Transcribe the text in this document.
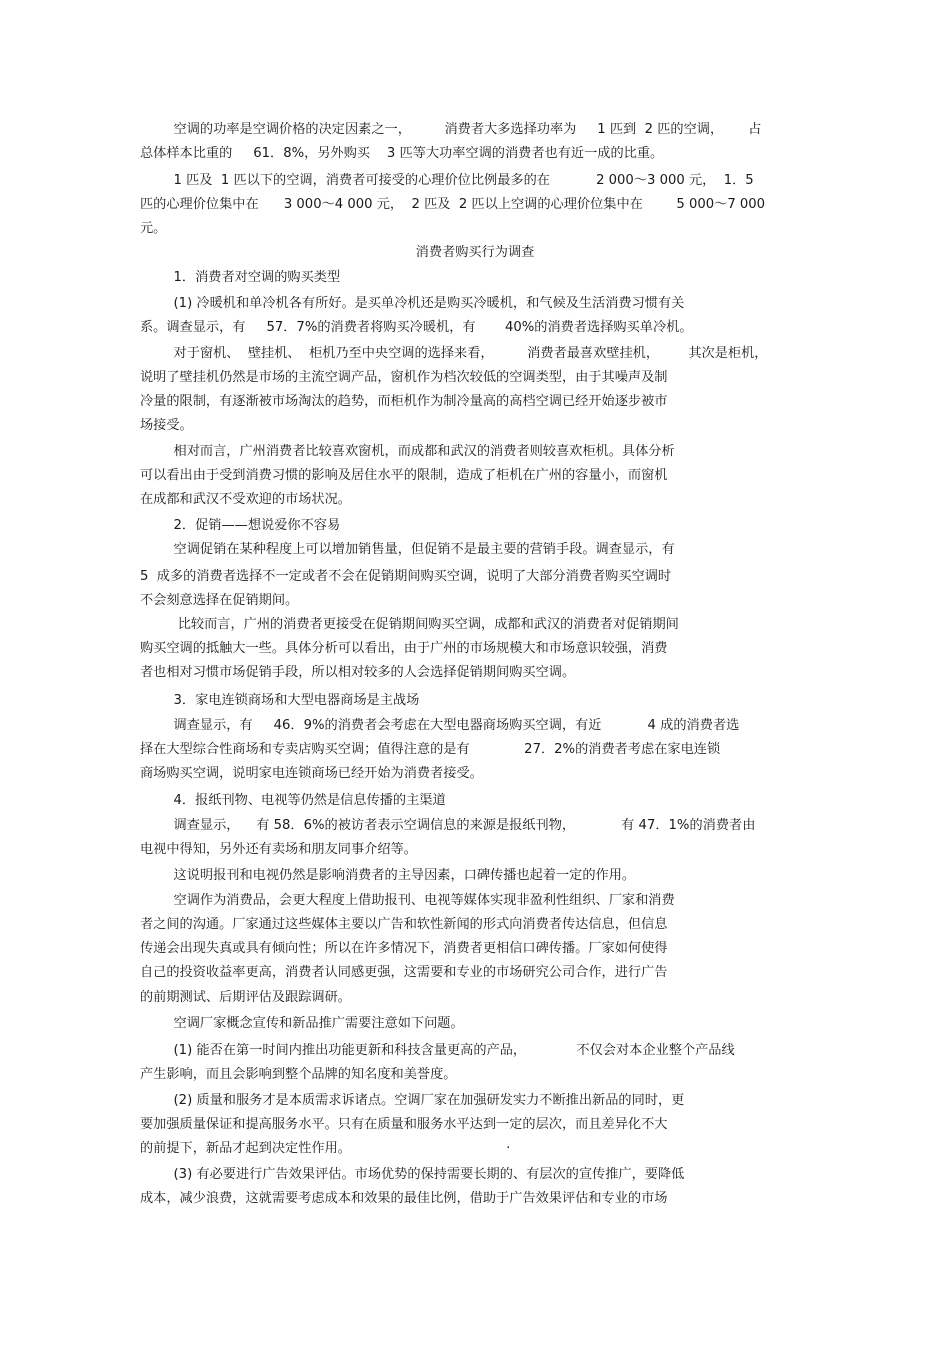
空调的功率是空调价格的决定因素之一，        消费者大多选择功率为     1 匹到  2 匹的空调，      占
总体样本比重的     61．8%，另外购买    3 匹等大功率空调的消费者也有近一成的比重。
1 匹及  1 匹以下的空调，消费者可接受的心理价位比例最多的在           2 000～3 000 元，  1．5
匹的心理价位集中在      3 000～4 000 元，  2 匹及  2 匹以上空调的心理价位集中在        5 000～7 000
元。
消费者购买行为调查
1．消费者对空调的购买类型
(1) 冷暖机和单冷机各有所好。是买单冷机还是购买冷暖机，和气候及生活消费习惯有关
系。调查显示，有     57．7%的消费者将购买冷暖机，有       40%的消费者选择购买单冷机。
对于窗机、  壁挂机、  柜机乃至中央空调的选择来看，        消费者最喜欢壁挂机，       其次是柜机，
说明了壁挂机仍然是市场的主流空调产品，窗机作为档次较低的空调类型，由于其噪声及制
冷量的限制，有逐渐被市场淘汰的趋势，而柜机作为制冷量高的高档空调已经开始逐步被市
场接受。
相对而言，广州消费者比较喜欢窗机，而成都和武汉的消费者则较喜欢柜机。具体分析
可以看出由于受到消费习惯的影响及居住水平的限制，造成了柜机在广州的容量小，而窗机
在成都和武汉不受欢迎的市场状况。
2．促销——想说爱你不容易
空调促销在某种程度上可以增加销售量，但促销不是最主要的营销手段。调查显示，有
5  成多的消费者选择不一定或者不会在促销期间购买空调，说明了大部分消费者购买空调时
不会刻意选择在促销期间。
比较而言，广州的消费者更接受在促销期间购买空调，成都和武汉的消费者对促销期间
购买空调的抵触大一些。具体分析可以看出，由于广州的市场规模大和市场意识较强，消费
者也相对习惯市场促销手段，所以相对较多的人会选择促销期间购买空调。
3．家电连锁商场和大型电器商场是主战场
调查显示，有     46．9%的消费者会考虑在大型电器商场购买空调，有近           4 成的消费者选
择在大型综合性商场和专卖店购买空调；值得注意的是有             27．2%的消费者考虑在家电连锁
商场购买空调，说明家电连锁商场已经开始为消费者接受。
4．报纸刊物、电视等仍然是信息传播的主渠道
调查显示，    有 58．6%的被访者表示空调信息的来源是报纸刊物，           有 47．1%的消费者由
电视中得知，另外还有卖场和朋友同事介绍等。
这说明报刊和电视仍然是影响消费者的主导因素，口碑传播也起着一定的作用。
空调作为消费品，会更大程度上借助报刊、电视等媒体实现非盈利性组织、厂家和消费
者之间的沟通。厂家通过这些媒体主要以广告和软性新闻的形式向消费者传达信息，但信息
传递会出现失真或具有倾向性；所以在许多情况下，消费者更相信口碑传播。厂家如何使得
自己的投资收益率更高，消费者认同感更强，这需要和专业的市场研究公司合作，进行广告
的前期测试、后期评估及跟踪调研。
空调厂家概念宣传和新品推广需要注意如下问题。
(1) 能否在第一时间内推出功能更新和科技含量更高的产品，            不仅会对本企业整个产品线
产生影响，而且会影响到整个品牌的知名度和美誉度。
(2) 质量和服务才是本质需求诉诸点。空调厂家在加强研发实力不断推出新品的同时，更
要加强质量保证和提高服务水平。只有在质量和服务水平达到一定的层次，而且差异化不大
的前提下，新品才起到决定性作用。                                     ·
(3) 有必要进行广告效果评估。市场优势的保持需要长期的、有层次的宣传推广，要降低
成本，减少浪费，这就需要考虑成本和效果的最佳比例，借助于广告效果评估和专业的市场
